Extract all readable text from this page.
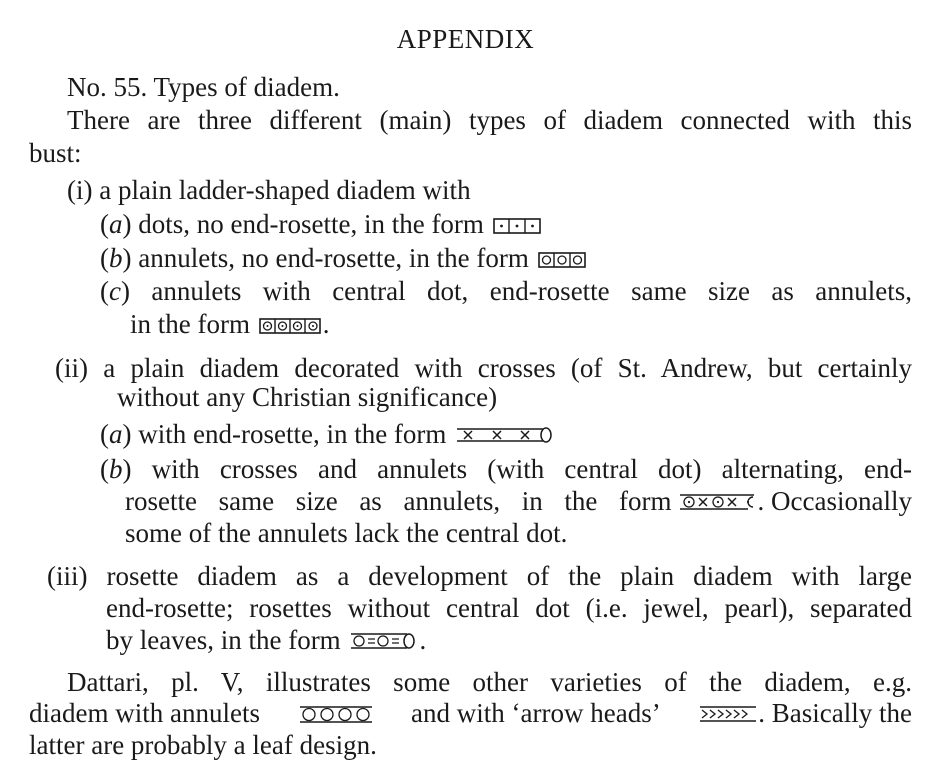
APPENDIX
No. 55. Types of diadem.
There are three different (main) types of diadem connected with this
bust:
(i) a plain ladder-shaped diadem with
(a) dots, no end-rosette, in the form
(b) annulets, no end-rosette, in the form
(c) annulets with central dot, end-rosette same size as annulets,
in the form	.
(ii) a plain diadem decorated with crosses (of St. Andrew, but certainly
without any Christian significance)
(a) with end-rosette, in the form
(b) with crosses and annulets (with central dot) alternating, end-
rosette same size as annulets, in the form	. Occasionally
some of the annulets lack the central dot.
(iii) rosette diadem as a development of the plain diadem with large
end-rosette; rosettes without central dot (i.e. jewel, pearl), separated
by leaves, in the form	.
Dattari, pl. V, illustrates some other varieties of the diadem, e.g.
diadem with annulets	and with ‘arrow heads’	. Basically the
latter are probably a leaf design.
